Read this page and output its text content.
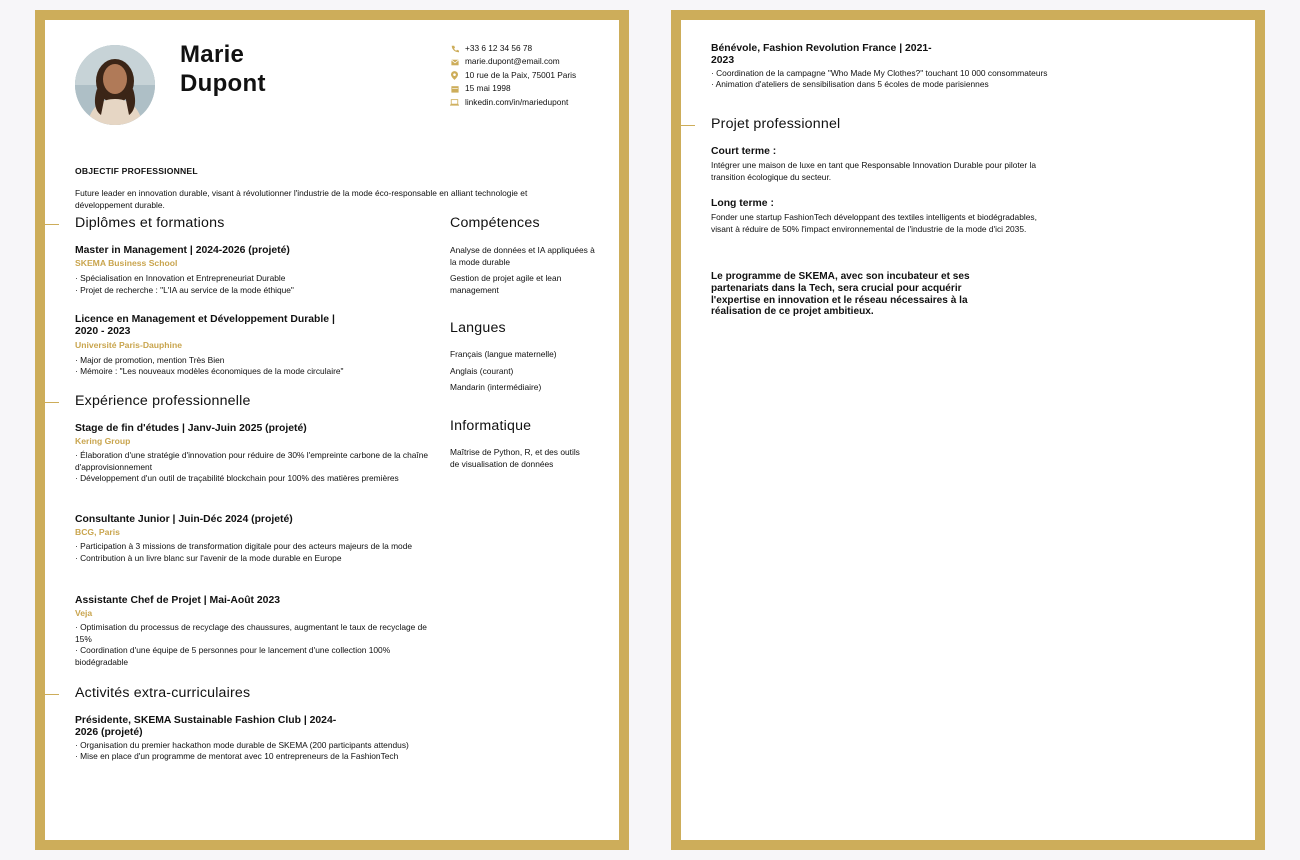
Marie
Dupont
+33 6 12 34 56 78
marie.dupont@email.com
10 rue de la Paix, 75001 Paris
15 mai 1998
linkedin.com/in/mariedupont
OBJECTIF PROFESSIONNEL
Future leader en innovation durable, visant à révolutionner l'industrie de la mode éco-responsable en alliant technologie et développement durable.
Diplômes et formations
Master in Management | 2024-2026 (projeté)
SKEMA Business School
· Spécialisation en Innovation et Entrepreneuriat Durable
· Projet de recherche : "L'IA au service de la mode éthique"
Licence en Management et Développement Durable | 2020 - 2023
Université Paris-Dauphine
· Major de promotion, mention Très Bien
· Mémoire : "Les nouveaux modèles économiques de la mode circulaire"
Expérience professionnelle
Stage de fin d'études | Janv-Juin 2025 (projeté)
Kering Group
· Élaboration d'une stratégie d'innovation pour réduire de 30% l'empreinte carbone de la chaîne d'approvisionnement
· Développement d'un outil de traçabilité blockchain pour 100% des matières premières
Consultante Junior | Juin-Déc 2024 (projeté)
BCG, Paris
· Participation à 3 missions de transformation digitale pour des acteurs majeurs de la mode
· Contribution à un livre blanc sur l'avenir de la mode durable en Europe
Assistante Chef de Projet | Mai-Août 2023
Veja
· Optimisation du processus de recyclage des chaussures, augmentant le taux de recyclage de 15%
· Coordination d'une équipe de 5 personnes pour le lancement d'une collection 100% biodégradable
Activités extra-curriculaires
Présidente, SKEMA Sustainable Fashion Club | 2024-2026 (projeté)
· Organisation du premier hackathon mode durable de SKEMA (200 participants attendus)
· Mise en place d'un programme de mentorat avec 10 entrepreneurs de la FashionTech
Compétences
Analyse de données et IA appliquées à la mode durable
Gestion de projet agile et lean management
Langues
Français (langue maternelle)
Anglais (courant)
Mandarin (intermédiaire)
Informatique
Maîtrise de Python, R, et des outils de visualisation de données
Bénévole, Fashion Revolution France | 2021-2023
· Coordination de la campagne "Who Made My Clothes?" touchant 10 000 consommateurs
· Animation d'ateliers de sensibilisation dans 5 écoles de mode parisiennes
Projet professionnel
Court terme :
Intégrer une maison de luxe en tant que Responsable Innovation Durable pour piloter la transition écologique du secteur.
Long terme :
Fonder une startup FashionTech développant des textiles intelligents et biodégradables, visant à réduire de 50% l'impact environnemental de l'industrie de la mode d'ici 2035.
Le programme de SKEMA, avec son incubateur et ses partenariats dans la Tech, sera crucial pour acquérir l'expertise en innovation et le réseau nécessaires à la réalisation de ce projet ambitieux.
